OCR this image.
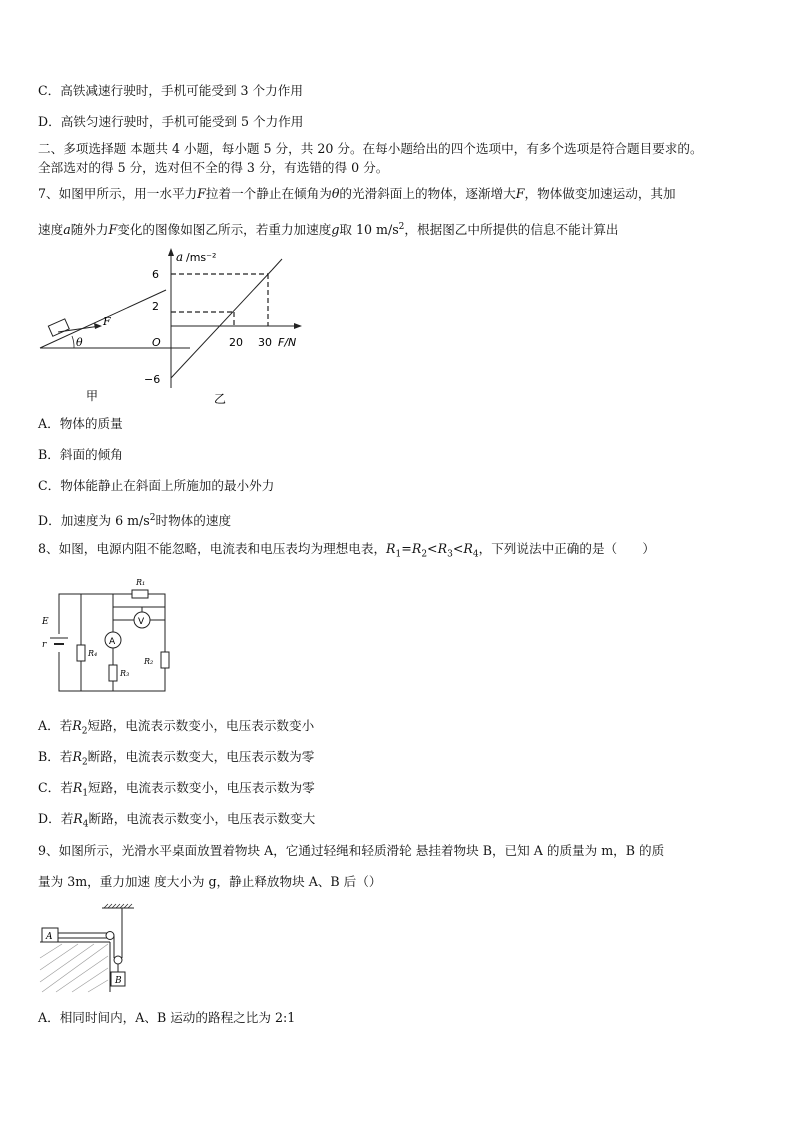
C．高铁减速行驶时，手机可能受到 3 个力作用
D．高铁匀速行驶时，手机可能受到 5 个力作用
二、多项选择题 本题共 4 小题，每小题 5 分，共 20 分。在每小题给出的四个选项中，有多个选项是符合题目要求的。
全部选对的得 5 分，选对但不全的得 3 分，有选错的得 0 分。
7、如图甲所示，用一水平力F拉着一个静止在倾角为θ的光滑斜面上的物体，逐渐增大F，物体做变加速运动，其加
速度a随外力F变化的图像如图乙所示，若重力加速度g取 10 $m/s^2$，根据图乙中所提供的信息不能计算出
F
θ
甲
a /ms⁻²
6
2
O
−6
20 30 F/N
乙
A．物体的质量
B．斜面的倾角
C．物体能静止在斜面上所施加的最小外力
D．加速度为 6 $m/s^2$时物体的速度
8、如图，电源内阻不能忽略，电流表和电压表均为理想电表，$R_1=R_2<R_3<R_4$，下列说法中正确的是（　　）
E
r
R₄
R₁
V
R₂
A
R₃
A．若$R_2$短路，电流表示数变小，电压表示数变小
B．若$R_2$断路，电流表示数变大，电压表示数为零
C．若$R_1$短路，电流表示数变小，电压表示数为零
D．若$R_4$断路，电流表示数变小，电压表示数变大
9、如图所示，光滑水平桌面放置着物块 A，它通过轻绳和轻质滑轮 悬挂着物块 B，已知 A 的质量为 m，B 的质
量为 3m，重力加速 度大小为 g，静止释放物块 A、B 后（）
A
B
A．相同时间内，A、B 运动的路程之比为 2:1
